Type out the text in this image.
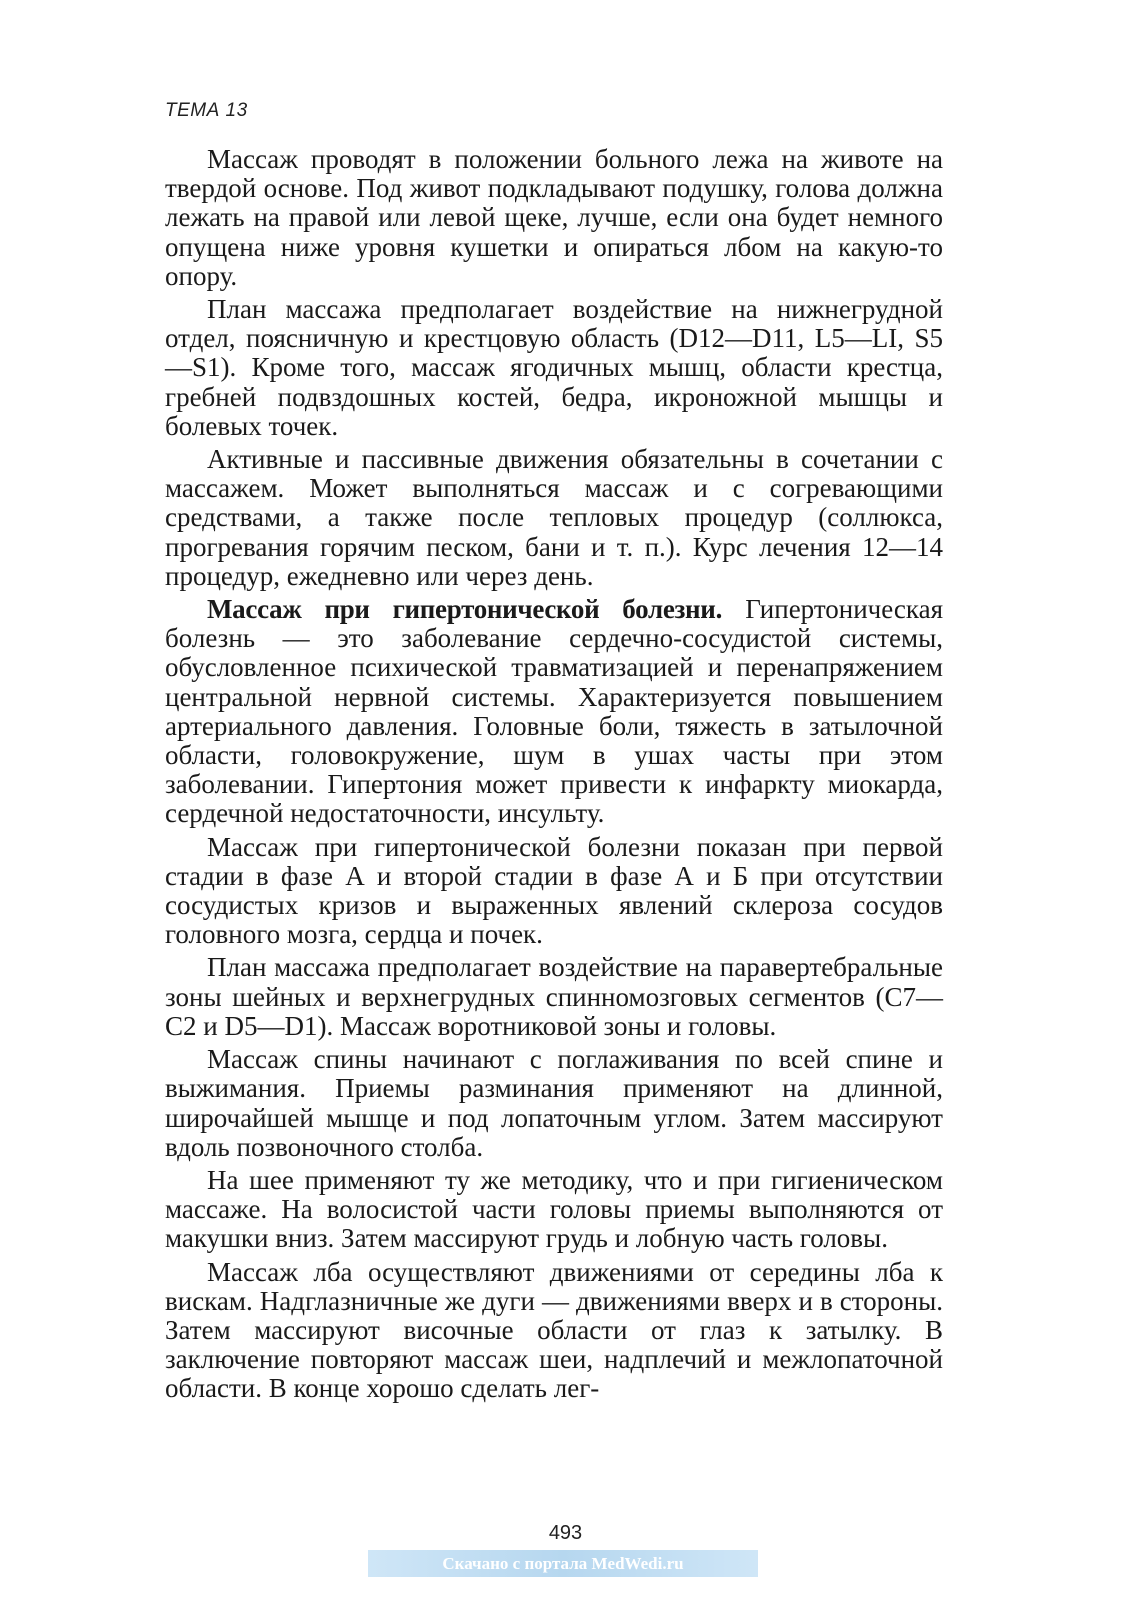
ТЕМА 13

Массаж проводят в положении больного лежа на животе на твердой основе. Под живот подкладывают подушку, голова должна лежать на правой или левой щеке, лучше, если она будет немного опущена ниже уровня кушетки и опираться лбом на какую-то опору.

План массажа предполагает воздействие на нижнегрудной отдел, поясничную и крестцовую область (D12—D11, L5—LI, S5—S1). Кроме того, массаж ягодичных мышц, области крестца, гребней подвздошных костей, бедра, икроножной мышцы и болевых точек.

Активные и пассивные движения обязательны в сочетании с массажем. Может выполняться массаж и с согревающими средствами, а также после тепловых процедур (соллюкса, прогревания горячим песком, бани и т. п.). Курс лечения 12—14 процедур, ежедневно или через день.

Массаж при гипертонической болезни. Гипертоническая болезнь — это заболевание сердечно-сосудистой системы, обусловленное психической травматизацией и перенапряжением центральной нервной системы. Характеризуется повышением артериального давления. Головные боли, тяжесть в затылочной области, головокружение, шум в ушах часты при этом заболевании. Гипертония может привести к инфаркту миокарда, сердечной недостаточности, инсульту.

Массаж при гипертонической болезни показан при первой стадии в фазе А и второй стадии в фазе А и Б при отсутствии сосудистых кризов и выраженных явлений склероза сосудов головного мозга, сердца и почек.

План массажа предполагает воздействие на паравертебральные зоны шейных и верхнегрудных спинномозговых сегментов (С7—С2 и D5—D1). Массаж воротниковой зоны и головы.

Массаж спины начинают с поглаживания по всей спине и выжимания. Приемы разминания применяют на длинной, широчайшей мышце и под лопаточным углом. Затем массируют вдоль позвоночного столба.

На шее применяют ту же методику, что и при гигиеническом массаже. На волосистой части головы приемы выполняются от макушки вниз. Затем массируют грудь и лобную часть головы.

Массаж лба осуществляют движениями от середины лба к вискам. Надглазничные же дуги — движениями вверх и в стороны. Затем массируют височные области от глаз к затылку. В заключение повторяют массаж шеи, надплечий и межлопаточной области. В конце хорошо сделать лег-

493
Скачано с портала MedWedi.ru
